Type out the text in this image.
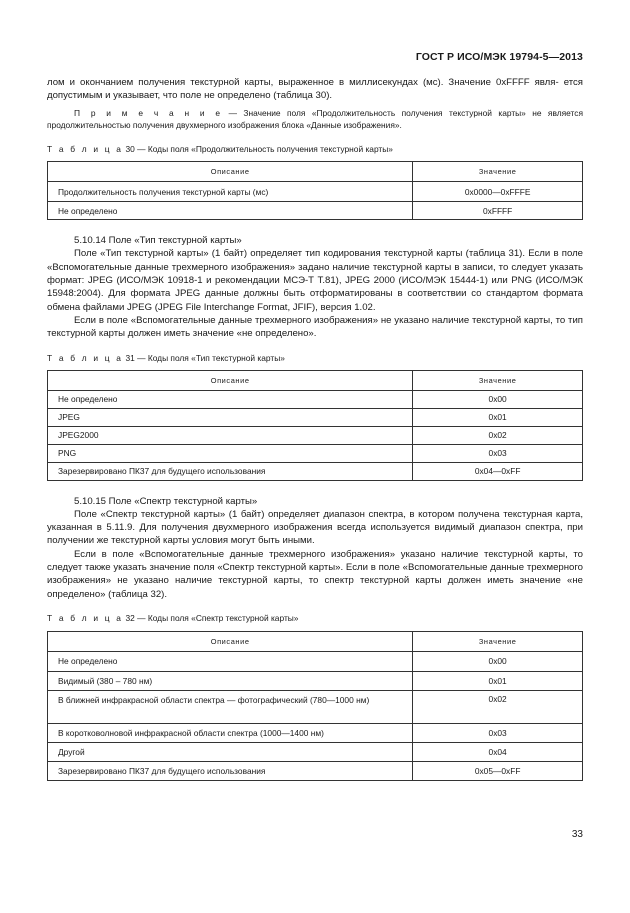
ГОСТ Р ИСО/МЭК 19794-5—2013

лом и окончанием получения текстурной карты, выраженное в миллисекундах (мс). Значение 0xFFFF явля- ется допустимым и указывает, что поле не определено (таблица 30).

П р и м е ч а н и е — Значение поля «Продолжительность получения текстурной карты» не является продолжительностью получения двухмерного изображения блока «Данные изображения».

Т а б л и ц а 30 — Коды поля «Продолжительность получения текстурной карты»

Описание	Значение
Продолжительность получения текстурной карты (мс)	0x0000—0xFFFE
Не определено	0xFFFF

5.10.14 Поле «Тип текстурной карты»

Поле «Тип текстурной карты» (1 байт) определяет тип кодирования текстурной карты (таблица 31). Если в поле «Вспомогательные данные трехмерного изображения» задано наличие текстурной карты в записи, то следует указать формат: JPEG (ИСО/МЭК 10918-1 и рекомендации МСЭ-Т Т.81), JPEG 2000 (ИСО/МЭК 15444-1) или PNG (ИСО/МЭК 15948:2004). Для формата JPEG данные должны быть отформатированы в соответствии со стандартом формата обмена файлами JPEG (JPEG File Interchange Format, JFIF), версия 1.02.

Если в поле «Вспомогательные данные трехмерного изображения» не указано наличие текстурной карты, то тип текстурной карты должен иметь значение «не определено».

Т а б л и ц а 31 — Коды поля «Тип текстурной карты»

Описание	Значение
Не определено	0x00
JPEG	0x01
JPEG2000	0x02
PNG	0x03
Зарезервировано ПК37 для будущего использования	0x04—0xFF

5.10.15 Поле «Спектр текстурной карты»

Поле «Спектр текстурной карты» (1 байт) определяет диапазон спектра, в котором получена текстурная карта, указанная в 5.11.9. Для получения двухмерного изображения всегда используется видимый диапазон спектра, при получении же текстурной карты условия могут быть иными.

Если в поле «Вспомогательные данные трехмерного изображения» указано наличие текстурной карты, то следует также указать значение поля «Спектр текстурной карты». Если в поле «Вспомогательные данные трехмерного изображения» не указано наличие текстурной карты, то спектр текстурной карты должен иметь значение «не определено» (таблица 32).

Т а б л и ц а 32 — Коды поля «Спектр текстурной карты»

Описание	Значение
Не определено	0x00
Видимый (380 – 780 нм)	0x01
В ближней инфракрасной области спектра — фотографический (780—1000 нм)	0x02
В коротковолновой инфракрасной области спектра (1000—1400 нм)	0x03
Другой	0x04
Зарезервировано ПК37 для будущего использования	0x05—0xFF
33
